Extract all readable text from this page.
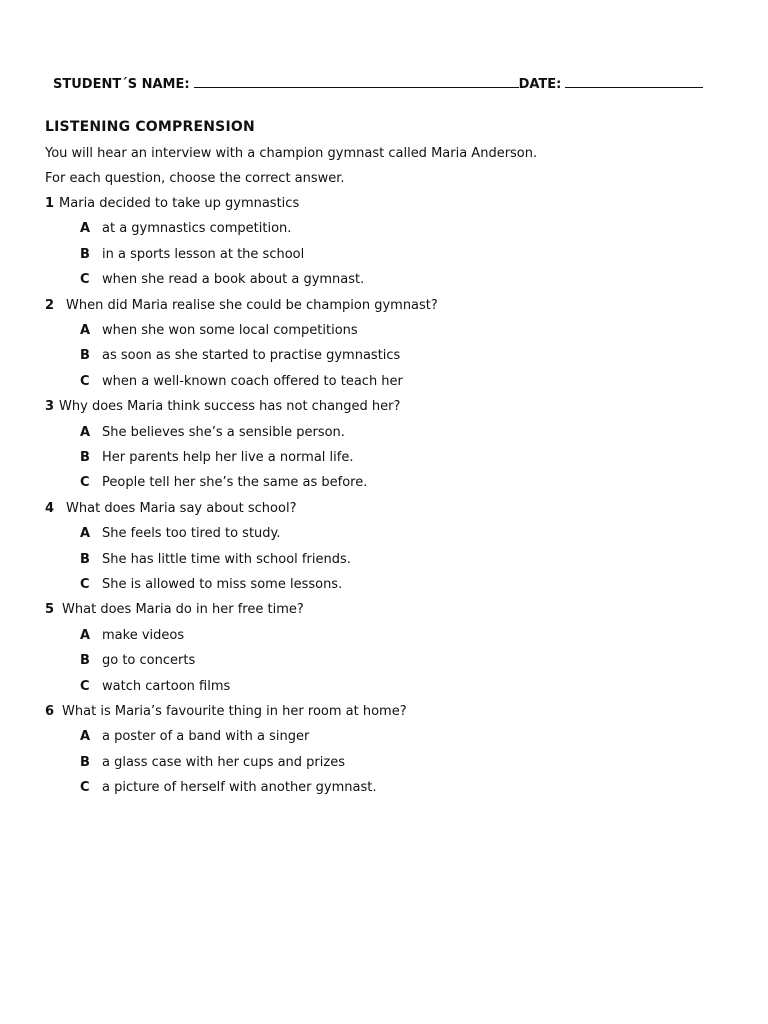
STUDENT´S NAME:	DATE:
LISTENING COMPRENSION
You will hear an interview with a champion gymnast called Maria Anderson.
For each question, choose the correct answer.
1 Maria decided to take up gymnastics
A at a gymnastics competition.
B in a sports lesson at the school
C when she read a book about a gymnast.
2 When did Maria realise she could be champion gymnast?
A when she won some local competitions
B as soon as she started to practise gymnastics
C when a well-known coach offered to teach her
3 Why does Maria think success has not changed her?
A She believes she’s a sensible person.
B Her parents help her live a normal life.
C People tell her she’s the same as before.
4 What does Maria say about school?
A She feels too tired to study.
B She has little time with school friends.
C She is allowed to miss some lessons.
5 What does Maria do in her free time?
A make videos
B go to concerts
C watch cartoon films
6 What is Maria’s favourite thing in her room at home?
A a poster of a band with a singer
B a glass case with her cups and prizes
C a picture of herself with another gymnast.
